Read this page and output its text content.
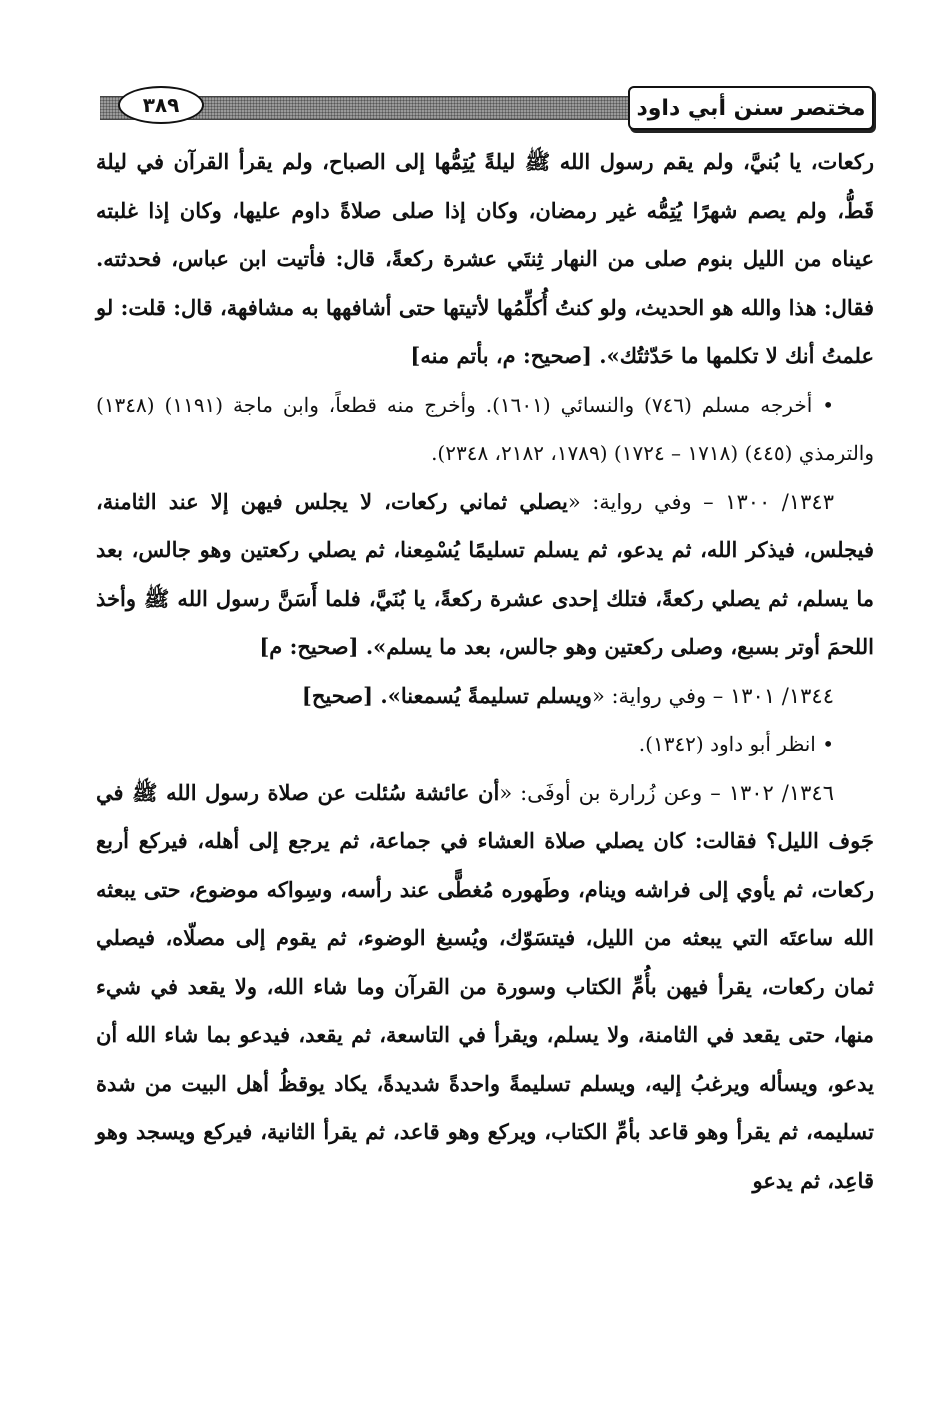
٣٨٩	مختصر سنن أبي داود

ركعات، يا بُنيَّ، ولم يقم رسول الله ﷺ ليلةً يُتِمُّها إلى الصباح، ولم يقرأ القرآن في ليلة قَطُّ، ولم يصم شهرًا يُتِمُّه غير رمضان، وكان إذا صلى صلاةً داوم عليها، وكان إذا غلبته عيناه من الليل بنوم صلى من النهار ثِنتَي عشرة ركعةً، قال: فأتيت ابن عباس، فحدثته. فقال: هذا والله هو الحديث، ولو كنتُ أُكلِّمُها لأتيتها حتى أشافهها به مشافهة، قال: قلت: لو علمتُ أنك لا تكلمها ما حَدّثتُك». [صحيح: م، بأتم منه]

• أخرجه مسلم (٧٤٦) والنسائي (١٦٠١). وأخرج منه قطعاً، وابن ماجة (١١٩١) (١٣٤٨) والترمذي (٤٤٥) (١٧١٨ – ١٧٢٤) (١٧٨٩، ٢١٨٢، ٢٣٤٨).

١٣٤٣/ ١٣٠٠ – وفي رواية: «يصلي ثماني ركعات، لا يجلس فيهن إلا عند الثامنة، فيجلس، فيذكر الله، ثم يدعو، ثم يسلم تسليمًا يُسْمِعنا، ثم يصلي ركعتين وهو جالس، بعد ما يسلم، ثم يصلي ركعةً، فتلك إحدى عشرة ركعةً، يا بُنَيَّ، فلما أَسَنَّ رسول الله ﷺ وأخذ اللحمَ أوتر بسبع، وصلى ركعتين وهو جالس، بعد ما يسلم». [صحيح: م]

١٣٤٤/ ١٣٠١ – وفي رواية: «ويسلم تسليمةً يُسمعنا». [صحيح]

• انظر أبو داود (١٣٤٢).

١٣٤٦/ ١٣٠٢ – وعن زُرارة بن أوفَى: «أن عائشة سُئلت عن صلاة رسول الله ﷺ في جَوف الليل؟ فقالت: كان يصلي صلاة العشاء في جماعة، ثم يرجع إلى أهله، فيركع أربع ركعات، ثم يأوي إلى فراشه وينام، وطَهوره مُغطًّى عند رأسه، وسِواكه موضوع، حتى يبعثه الله ساعتَه التي يبعثه من الليل، فيتسَوّك، ويُسبغ الوضوء، ثم يقوم إلى مصلّاه، فيصلي ثمان ركعات، يقرأ فيهن بأُمِّ الكتاب وسورة من القرآن وما شاء الله، ولا يقعد في شيء منها، حتى يقعد في الثامنة، ولا يسلم، ويقرأ في التاسعة، ثم يقعد، فيدعو بما شاء الله أن يدعو، ويسأله ويرغبُ إليه، ويسلم تسليمةً واحدةً شديدةً، يكاد يوقظُ أهل البيت من شدة تسليمه، ثم يقرأ وهو قاعد بأمِّ الكتاب، ويركع وهو قاعد، ثم يقرأ الثانية، فيركع ويسجد وهو قاعِد، ثم يدعو
